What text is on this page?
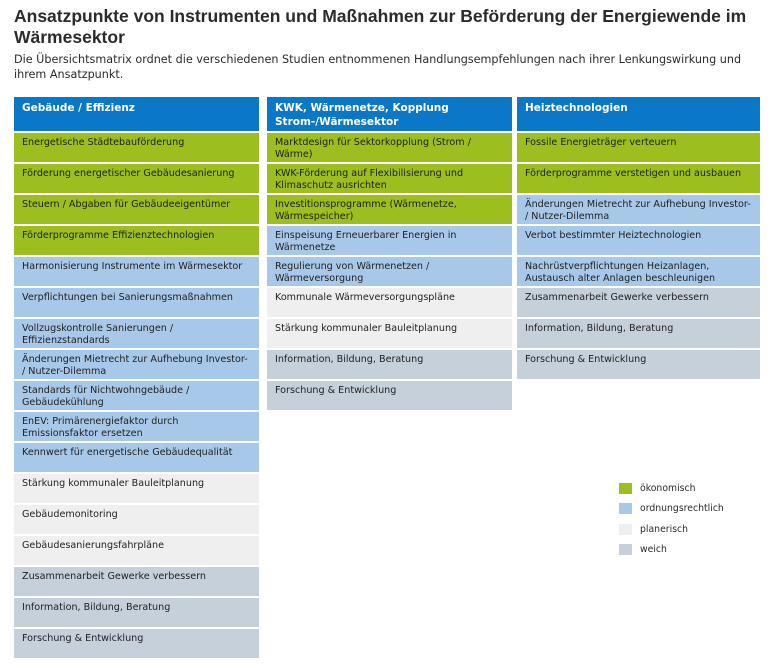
Ansatzpunkte von Instrumenten und Maßnahmen zur Beförderung der Energiewende im Wärmesektor
Die Übersichtsmatrix ordnet die verschiedenen Studien entnommenen Handlungsempfehlungen nach ihrer Lenkungswirkung und ihrem Ansatzpunkt.
Gebäude / Effizienz
Energetische Städtebauförderung
Förderung energetischer Gebäudesanierung
Steuern / Abgaben für Gebäudeeigentümer
Förderprogramme Effizienztechnologien
Harmonisierung Instrumente im Wärmesektor
Verpflichtungen bei Sanierungsmaßnahmen
Vollzugskontrolle Sanierungen / Effizienzstandards
Änderungen Mietrecht zur Aufhebung Investor- / Nutzer-Dilemma
Standards für Nichtwohngebäude / Gebäudekühlung
EnEV: Primärenergiefaktor durch Emissionsfaktor ersetzen
Kennwert für energetische Gebäudequalität
Stärkung kommunaler Bauleitplanung
Gebäudemonitoring
Gebäudesanierungsfahrpläne
Zusammenarbeit Gewerke verbessern
Information, Bildung, Beratung
Forschung & Entwicklung
KWK, Wärmenetze, Kopplung Strom-/Wärmesektor
Marktdesign für Sektorkopplung (Strom / Wärme)
KWK-Förderung auf Flexibilisierung und Klimaschutz ausrichten
Investitionsprogramme (Wärmenetze, Wärmespeicher)
Einspeisung Erneuerbarer Energien in Wärmenetze
Regulierung von Wärmenetzen / Wärmeversorgung
Kommunale Wärmeversorgungspläne
Stärkung kommunaler Bauleitplanung
Information, Bildung, Beratung
Forschung & Entwicklung
Heiztechnologien
Fossile Energieträger verteuern
Förderprogramme verstetigen und ausbauen
Änderungen Mietrecht zur Aufhebung Investor- / Nutzer-Dilemma
Verbot bestimmter Heiztechnologien
Nachrüstverpflichtungen Heizanlagen, Austausch alter Anlagen beschleunigen
Zusammenarbeit Gewerke verbessern
Information, Bildung, Beratung
Forschung & Entwicklung
ökonomisch
ordnungsrechtlich
planerisch
weich
